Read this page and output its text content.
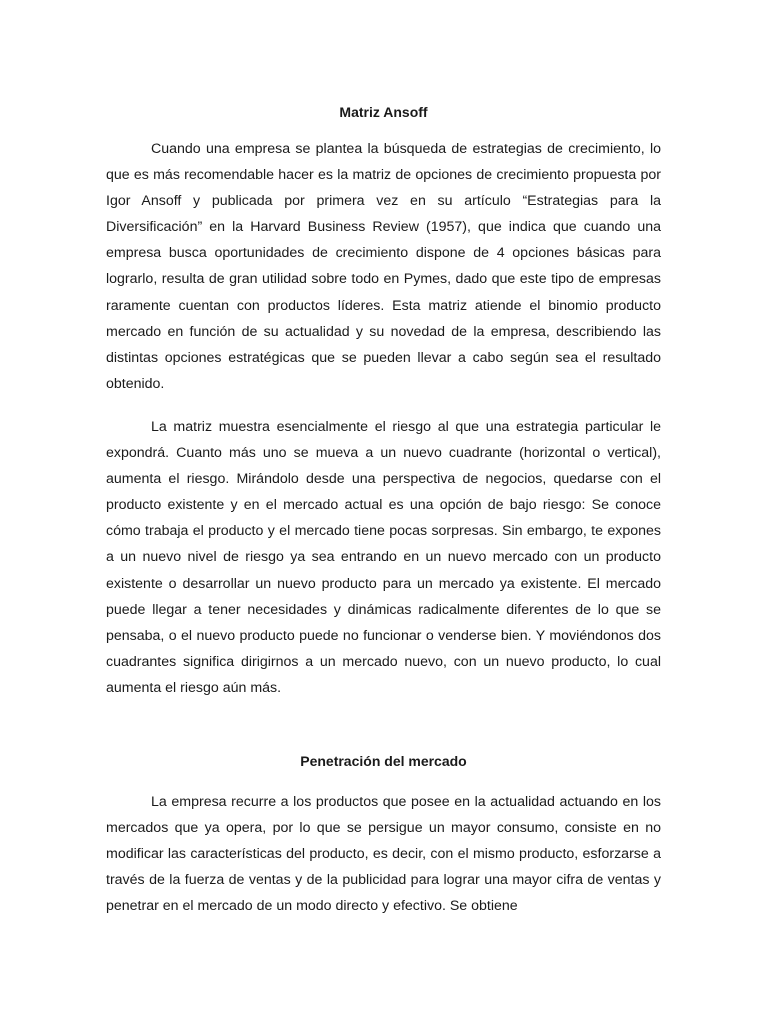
Matriz Ansoff

Cuando una empresa se plantea la búsqueda de estrategias de crecimiento, lo que es más recomendable hacer es la matriz de opciones de crecimiento propuesta por Igor Ansoff y publicada por primera vez en su artículo “Estrategias para la Diversificación” en la Harvard Business Review (1957), que indica que cuando una empresa busca oportunidades de crecimiento dispone de 4 opciones básicas para lograrlo, resulta de gran utilidad sobre todo en Pymes, dado que este tipo de empresas raramente cuentan con productos líderes. Esta matriz atiende el binomio producto mercado en función de su actualidad y su novedad de la empresa, describiendo las distintas opciones estratégicas que se pueden llevar a cabo según sea el resultado obtenido.

La matriz muestra esencialmente el riesgo al que una estrategia particular le expondrá. Cuanto más uno se mueva a un nuevo cuadrante (horizontal o vertical), aumenta el riesgo. Mirándolo desde una perspectiva de negocios, quedarse con el producto existente y en el mercado actual es una opción de bajo riesgo: Se conoce cómo trabaja el producto y el mercado tiene pocas sorpresas. Sin embargo, te expones a un nuevo nivel de riesgo ya sea entrando en un nuevo mercado con un producto existente o desarrollar un nuevo producto para un mercado ya existente. El mercado puede llegar a tener necesidades y dinámicas radicalmente diferentes de lo que se pensaba, o el nuevo producto puede no funcionar o venderse bien. Y moviéndonos dos cuadrantes significa dirigirnos a un mercado nuevo, con un nuevo producto, lo cual aumenta el riesgo aún más.

Penetración del mercado

La empresa recurre a los productos que posee en la actualidad actuando en los mercados que ya opera, por lo que se persigue un mayor consumo, consiste en no modificar las características del producto, es decir, con el mismo producto, esforzarse a través de la fuerza de ventas y de la publicidad para lograr una mayor cifra de ventas y penetrar en el mercado de un modo directo y efectivo. Se obtiene
